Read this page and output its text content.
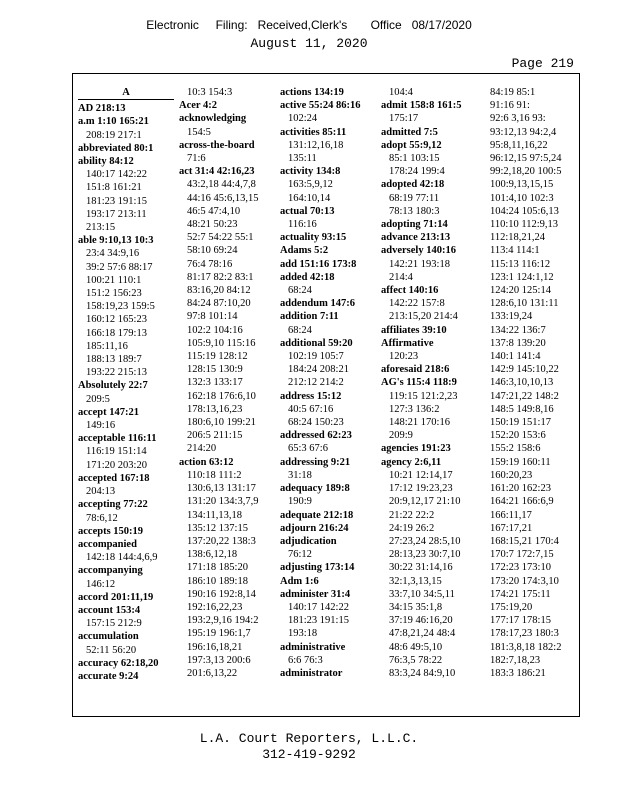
Electronic     Filing:   Received,Clerk's       Office   08/17/2020
August 11, 2020
Page 219
A
AD 218:13
a.m 1:10 165:21
208:19 217:1
abbreviated 80:1
ability 84:12
140:17 142:22
151:8 161:21
181:23 191:15
193:17 213:11
213:15
able 9:10,13 10:3
23:4 34:9,16
39:2 57:6 88:17
100:21 110:1
151:2 156:23
158:19,23 159:5
160:12 165:23
166:18 179:13
185:11,16
188:13 189:7
193:22 215:13
Absolutely 22:7
209:5
accept 147:21
149:16
acceptable 116:11
116:19 151:14
171:20 203:20
accepted 167:18
204:13
accepting 77:22
78:6,12
accepts 150:19
accompanied
142:18 144:4,6,9
accompanying
146:12
accord 201:11,19
account 153:4
157:15 212:9
accumulation
52:11 56:20
accuracy 62:18,20
accurate 9:24
10:3 154:3
Acer 4:2
acknowledging
154:5
across-the-board
71:6
act 31:4 42:16,23
43:2,18 44:4,7,8
44:16 45:6,13,15
46:5 47:4,10
48:21 50:23
52:7 54:22 55:1
58:10 69:24
76:4 78:16
81:17 82:2 83:1
83:16,20 84:12
84:24 87:10,20
97:8 101:14
102:2 104:16
105:9,10 115:16
115:19 128:12
128:15 130:9
132:3 133:17
162:18 176:6,10
178:13,16,23
180:6,10 199:21
206:5 211:15
214:20
action 63:12
110:18 111:2
130:6,13 131:17
131:20 134:3,7,9
134:11,13,18
135:12 137:15
137:20,22 138:3
138:6,12,18
171:18 185:20
186:10 189:18
190:16 192:8,14
192:16,22,23
193:2,9,16 194:2
195:19 196:1,7
196:16,18,21
197:3,13 200:6
201:6,13,22
actions 134:19
active 55:24 86:16
102:24
activities 85:11
131:12,16,18
135:11
activity 134:8
163:5,9,12
164:10,14
actual 70:13
116:16
actuality 93:15
Adams 5:2
add 151:16 173:8
added 42:18
68:24
addendum 147:6
addition 7:11
68:24
additional 59:20
102:19 105:7
184:24 208:21
212:12 214:2
address 15:12
40:5 67:16
68:24 150:23
addressed 62:23
65:3 67:6
addressing 9:21
31:18
adequacy 189:8
190:9
adequate 212:18
adjourn 216:24
adjudication
76:12
adjusting 173:14
Adm 1:6
administer 31:4
140:17 142:22
181:23 191:15
193:18
administrative
6:6 76:3
administrator
104:4
admit 158:8 161:5
175:17
admitted 7:5
adopt 55:9,12
85:1 103:15
178:24 199:4
adopted 42:18
68:19 77:11
78:13 180:3
adopting 71:14
advance 213:13
adversely 140:16
142:21 193:18
214:4
affect 140:16
142:22 157:8
213:15,20 214:4
affiliates 39:10
Affirmative
120:23
aforesaid 218:6
AG's 115:4 118:9
119:15 121:2,23
127:3 136:2
148:21 170:16
209:9
agencies 191:23
agency 2:6,11
10:21 12:14,17
17:12 19:23,23
20:9,12,17 21:10
21:22 22:2
24:19 26:2
27:23,24 28:5,10
28:13,23 30:7,10
30:22 31:14,16
32:1,3,13,15
33:7,10 34:5,11
34:15 35:1,8
37:19 46:16,20
47:8,21,24 48:4
48:6 49:5,10
76:3,5 78:22
83:3,24 84:9,10
84:19 85:1
91:16 91:
92:6 3,16 93:
93:12,13 94:2,4
95:8,11,16,22
96:12,15 97:5,24
99:2,18,20 100:5
100:9,13,15,15
101:4,10 102:3
104:24 105:6,13
110:10 112:9,13
112:18,21,24
113:4 114:1
115:13 116:12
123:1 124:1,12
124:20 125:14
128:6,10 131:11
133:19,24
134:22 136:7
137:8 139:20
140:1 141:4
142:9 145:10,22
146:3,10,10,13
147:21,22 148:2
148:5 149:8,16
150:19 151:17
152:20 153:6
155:2 158:6
159:19 160:11
160:20,23
161:20 162:23
164:21 166:6,9
166:11,17
167:17,21
168:15,21 170:4
170:7 172:7,15
172:23 173:10
173:20 174:3,10
174:21 175:11
175:19,20
177:17 178:15
178:17,23 180:3
181:3,8,18 182:2
182:7,18,23
183:3 186:21
L.A. Court Reporters, L.L.C.
312-419-9292
